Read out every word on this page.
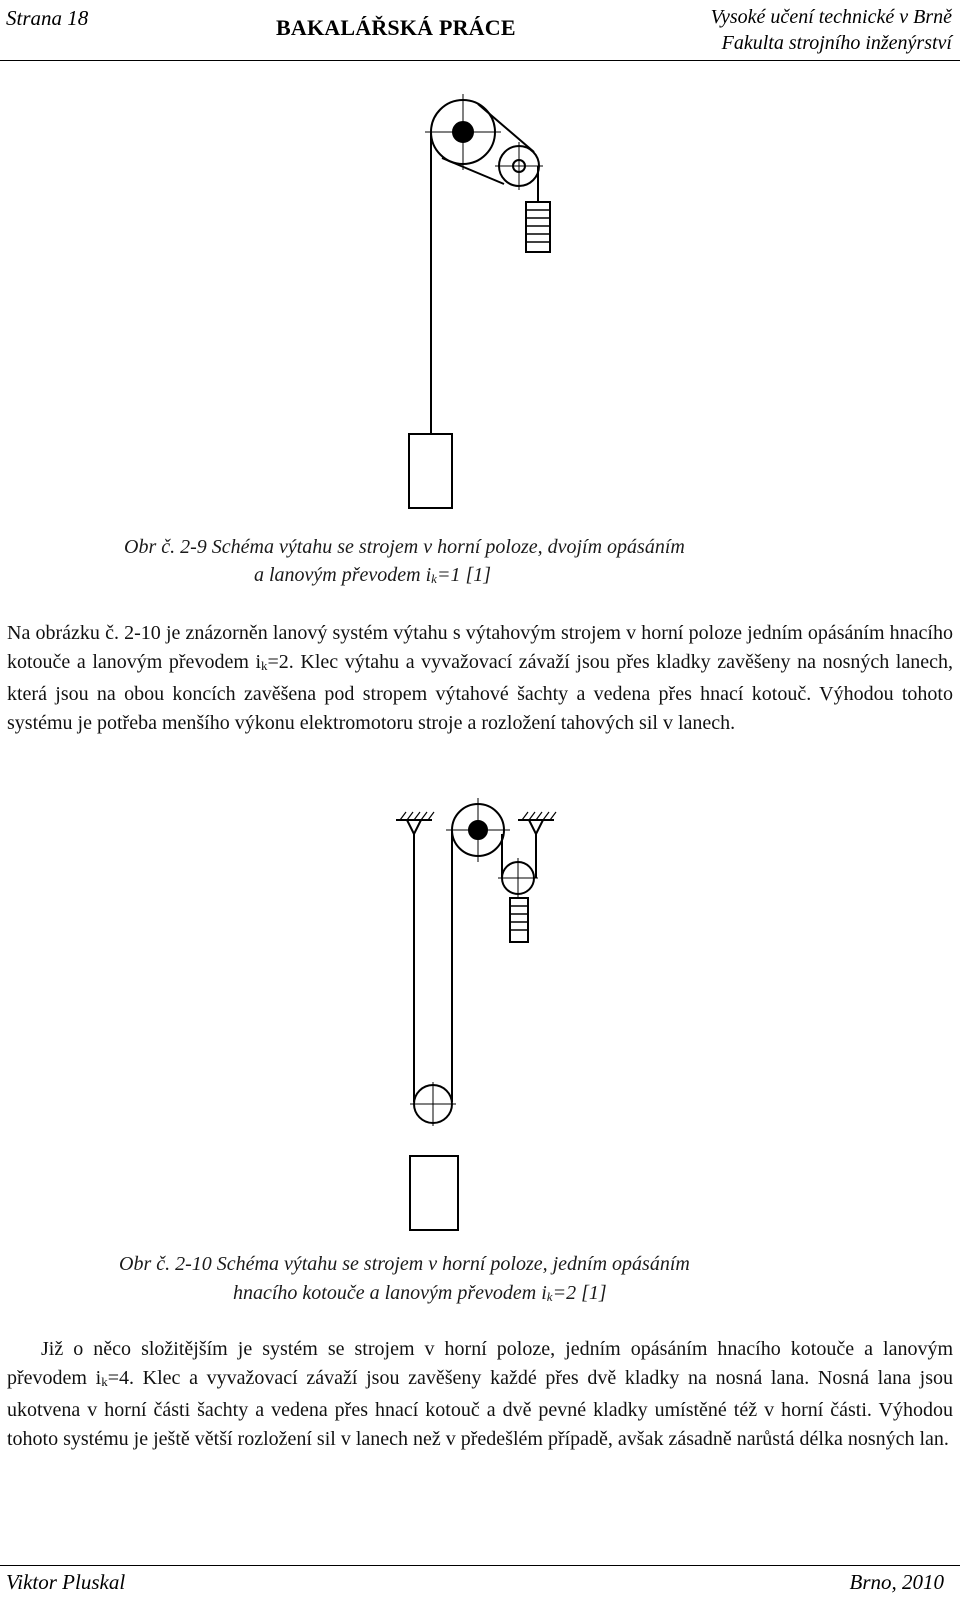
Strana 18	BAKALÁŘSKÁ PRÁCE	Vysoké učení technické v Brně
Fakulta strojního inženýrství
Obr č. 2-9 Schéma výtahu se strojem v horní poloze, dvojím opásáním
a lanovým převodem $i_k=1$ [1]
Na obrázku č. 2-10 je znázorněn lanový systém výtahu s výtahovým strojem v horní poloze jedním opásáním hnacího kotouče a lanovým převodem $i_k=2$. Klec výtahu a vyvažovací závaží jsou přes kladky zavěšeny na nosných lanech, která jsou na obou koncích zavěšena pod stropem výtahové šachty a vedena přes hnací kotouč. Výhodou tohoto systému je potřeba menšího výkonu elektromotoru stroje a rozložení tahových sil v lanech.
Obr č. 2-10 Schéma výtahu se strojem v horní poloze, jedním opásáním
hnacího kotouče a lanovým převodem $i_k=2$ [1]
Již o něco složitějším je systém se strojem v horní poloze, jedním opásáním hnacího kotouče a lanovým převodem $i_k=4$. Klec a vyvažovací závaží jsou zavěšeny každé přes dvě kladky na nosná lana. Nosná lana jsou ukotvena v horní části šachty a vedena přes hnací kotouč a dvě pevné kladky umístěné též v horní části. Výhodou tohoto systému je ještě větší rozložení sil v lanech než v předešlém případě, avšak zásadně narůstá délka nosných lan.
Viktor Pluskal	Brno, 2010
